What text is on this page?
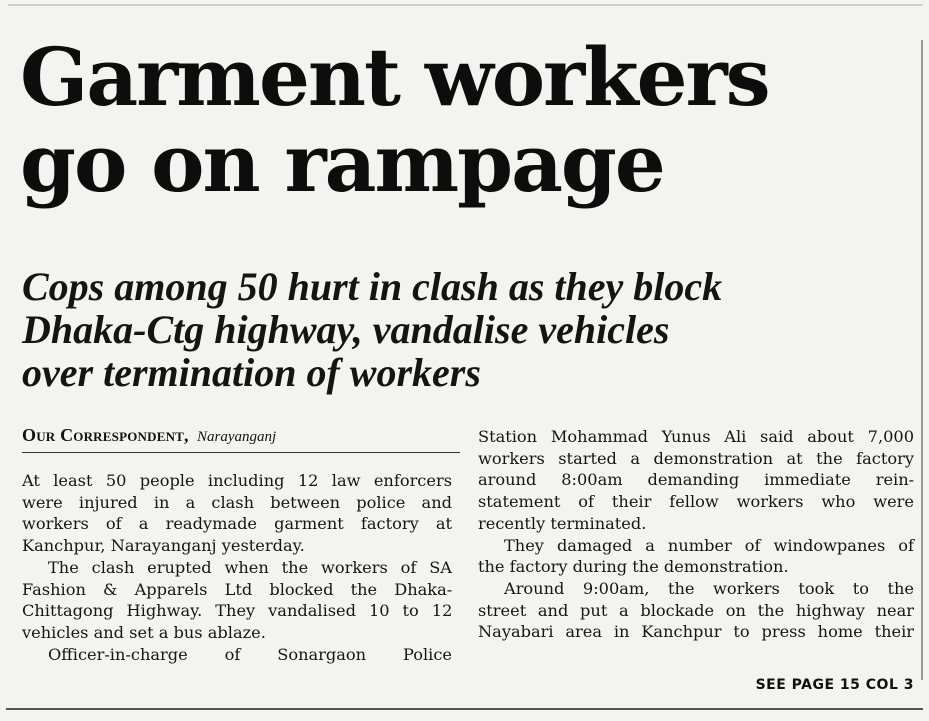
Garment workers
go on rampage
Cops among 50 hurt in clash as they block
Dhaka-Ctg highway, vandalise vehicles
over termination of workers
Our Correspondent, Narayanganj

At least 50 people including 12 law enforcers
were injured in a clash between police and
workers of a readymade garment factory at
Kanchpur, Narayanganj yesterday.

The clash erupted when the workers of SA
Fashion & Apparels Ltd blocked the Dhaka-
Chittagong Highway. They vandalised 10 to 12
vehicles and set a bus ablaze.

Officer-in-charge of Sonargaon Police

Station Mohammad Yunus Ali said about 7,000
workers started a demonstration at the factory
around 8:00am demanding immediate rein-
statement of their fellow workers who were
recently terminated.

They damaged a number of windowpanes of
the factory during the demonstration.

Around 9:00am, the workers took to the
street and put a blockade on the highway near
Nayabari area in Kanchpur to press home their

SEE PAGE 15 COL 3
